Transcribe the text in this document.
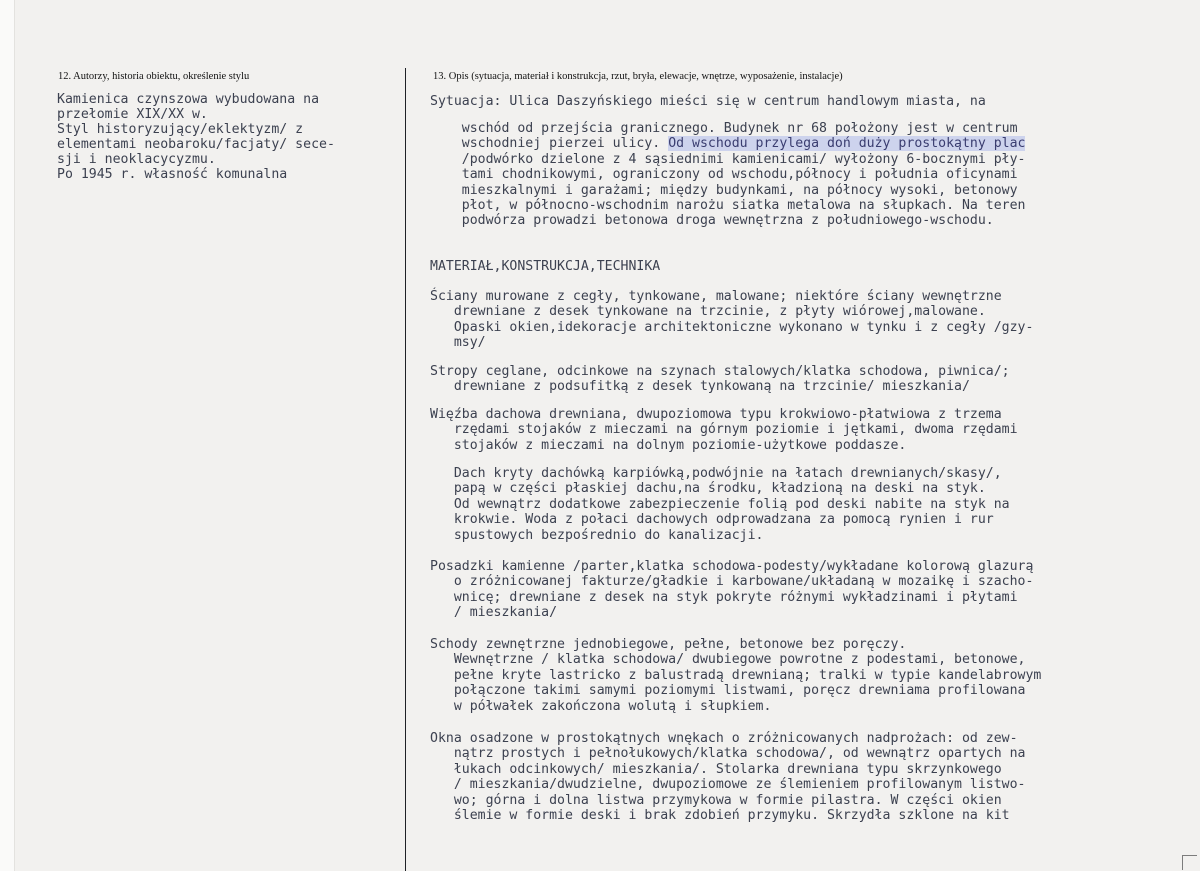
12. Autorzy, historia obiektu, określenie stylu	13. Opis (sytuacja, materiał i konstrukcja, rzut, bryła, elewacje, wnętrze, wyposażenie, instalacje)
Kamienica czynszowa wybudowana na
przełomie XIX/XX w.
Styl historyzujący/eklektyzm/ z
elementami neobaroku/facjaty/ sece-
sji i neoklacycyzmu.
Po 1945 r. własność komunalna
Sytuacja: Ulica Daszyńskiego mieści się w centrum handlowym miasta, na
wschód od przejścia granicznego. Budynek nr 68 położony jest w centrum
wschodniej pierzei ulicy. Od wschodu przylega doń duży prostokątny plac
/podwórko dzielone z 4 sąsiednimi kamienicami/ wyłożony 6-bocznymi pły-
tami chodnikowymi, ograniczony od wschodu,północy i południa oficynami
mieszkalnymi i garażami; między budynkami, na północy wysoki, betonowy
płot, w północno-wschodnim narożu siatka metalowa na słupkach. Na teren
podwórza prowadzi betonowa droga wewnętrzna z południowego-wschodu.
MATERIAŁ,KONSTRUKCJA,TECHNIKA
Ściany murowane z cegły, tynkowane, malowane; niektóre ściany wewnętrzne
drewniane z desek tynkowane na trzcinie, z płyty wiórowej,malowane.
Opaski okien,idekoracje architektoniczne wykonano w tynku i z cegły /gzy-
msy/
Stropy ceglane, odcinkowe na szynach stalowych/klatka schodowa, piwnica/;
drewniane z podsufitką z desek tynkowaną na trzcinie/ mieszkania/
Więźba dachowa drewniana, dwupoziomowa typu krokwiowo-płatwiowa z trzema
rzędami stojaków z mieczami na górnym poziomie i jętkami, dwoma rzędami
stojaków z mieczami na dolnym poziomie-użytkowe poddasze.
Dach kryty dachówką karpiówką,podwójnie na łatach drewnianych/skasy/,
papą w części płaskiej dachu,na środku, kładzioną na deski na styk.
Od wewnątrz dodatkowe zabezpieczenie folią pod deski nabite na styk na
krokwie. Woda z połaci dachowych odprowadzana za pomocą rynien i rur
spustowych bezpośrednio do kanalizacji.
Posadzki kamienne /parter,klatka schodowa-podesty/wykładane kolorową glazurą
o zróżnicowanej fakturze/gładkie i karbowane/układaną w mozaikę i szacho-
wnicę; drewniane z desek na styk pokryte różnymi wykładzinami i płytami
/ mieszkania/
Schody zewnętrzne jednobiegowe, pełne, betonowe bez poręczy.
Wewnętrzne / klatka schodowa/ dwubiegowe powrotne z podestami, betonowe,
pełne kryte lastricko z balustradą drewnianą; tralki w typie kandelabrowym
połączone takimi samymi poziomymi listwami, poręcz drewniama profilowana
w półwałek zakończona wolutą i słupkiem.
Okna osadzone w prostokątnych wnękach o zróżnicowanych nadprożach: od zew-
nątrz prostych i pełnołukowych/klatka schodowa/, od wewnątrz opartych na
łukach odcinkowych/ mieszkania/. Stolarka drewniana typu skrzynkowego
/ mieszkania/dwudzielne, dwupoziomowe ze ślemieniem profilowanym listwo-
wo; górna i dolna listwa przymykowa w formie pilastra. W części okien
ślemie w formie deski i brak zdobień przymyku. Skrzydła szklone na kit
